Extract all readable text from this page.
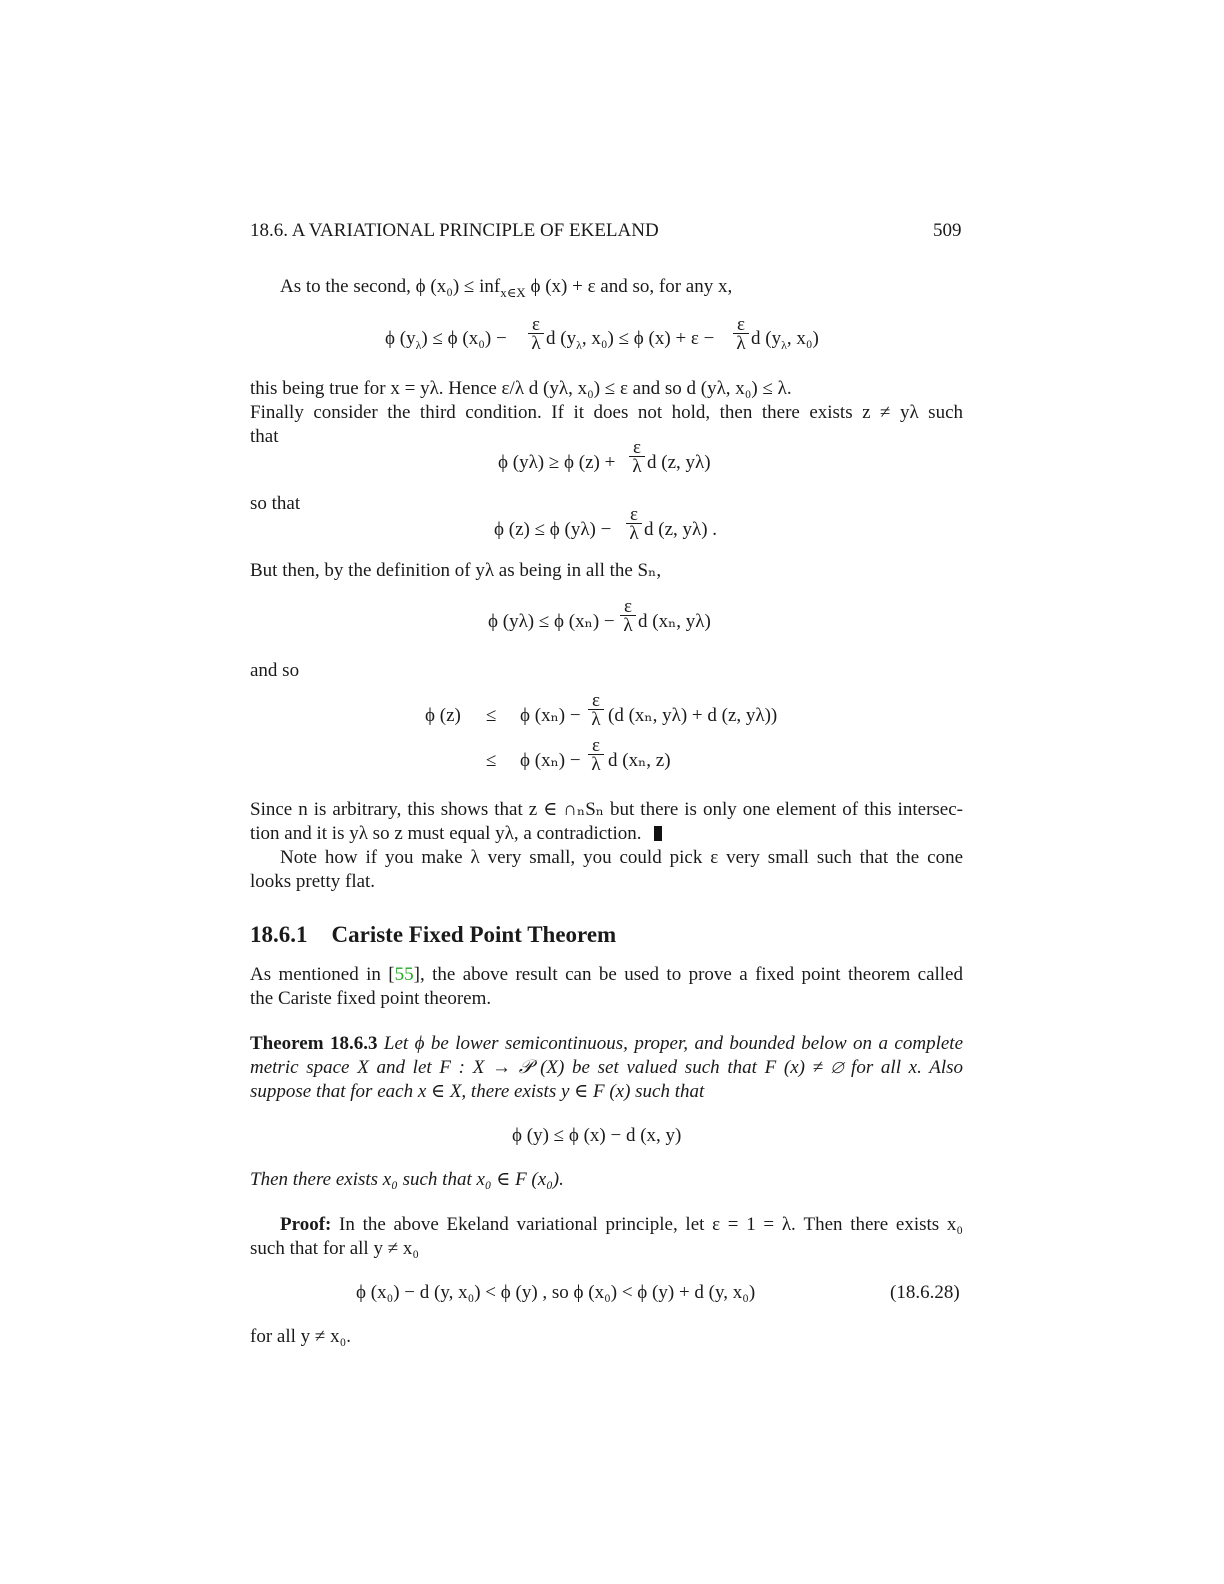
18.6. A VARIATIONAL PRINCIPLE OF EKELAND	509
As to the second, ϕ (x₀) ≤ inf$_{x\in X}$ ϕ (x) + ε and so, for any x,
ϕ $(y_\lambda) \le \phi$ $(x_0) - \frac{\varepsilon}{\lambda}$ d ($y_\lambda$, x₀) ≤ ϕ $(x) + \varepsilon - \frac{\varepsilon}{\lambda}$ d ($y_\lambda$, x₀)
this being true for x = yλ. Hence ε/λ d (yλ, x₀) ≤ ε and so d (yλ, x₀) ≤ λ.
Finally consider the third condition. If it does not hold, then there exists z ≠ yλ such
that
ϕ (yλ) ≥ ϕ $(z) + \frac{\varepsilon}{\lambda}$ d (z, yλ)
so that
ϕ (z) ≤ ϕ $(y\lambda) - \frac{\varepsilon}{\lambda}$ d (z, yλ) .
But then, by the definition of yλ as being in all the Sₙ,
ϕ (yλ) ≤ ϕ $(x_n) - \frac{\varepsilon}{\lambda}$ d (xₙ, yλ)
and so
ϕ (z) ≤ ϕ $(x_n) - \frac{\varepsilon}{\lambda} (d$ (xₙ, yλ) + d (z, yλ))
≤ ϕ $(x_n) - \frac{\varepsilon}{\lambda}$ d (xₙ, z)
Since n is arbitrary, this shows that z ∈ ∩ₙSₙ but there is only one element of this intersec-
tion and it is yλ so z must equal yλ, a contradiction.
Note how if you make λ very small, you could pick ε very small such that the cone
looks pretty flat.
18.6.1 Cariste Fixed Point Theorem
As mentioned in [55], the above result can be used to prove a fixed point theorem called
the Cariste fixed point theorem.
Theorem 18.6.3 Let ϕ be lower semicontinuous, proper, and bounded below on a complete
metric space X and let F : X → 𝒫 (X) be set valued such that F (x) ≠ ∅ for all x. Also
suppose that for each x ∈ X, there exists y ∈ F (x) such that
ϕ (y) ≤ ϕ (x) − d (x, y)
Then there exists x₀ such that x₀ ∈ F (x₀).
Proof: In the above Ekeland variational principle, let ε = 1 = λ. Then there exists x₀
such that for all y ≠ x₀
ϕ (x₀) − d (y, x₀) < ϕ (y) , so ϕ (x₀) < ϕ (y) + d (y, x₀)	(18.6.28)
for all y ≠ x₀.
